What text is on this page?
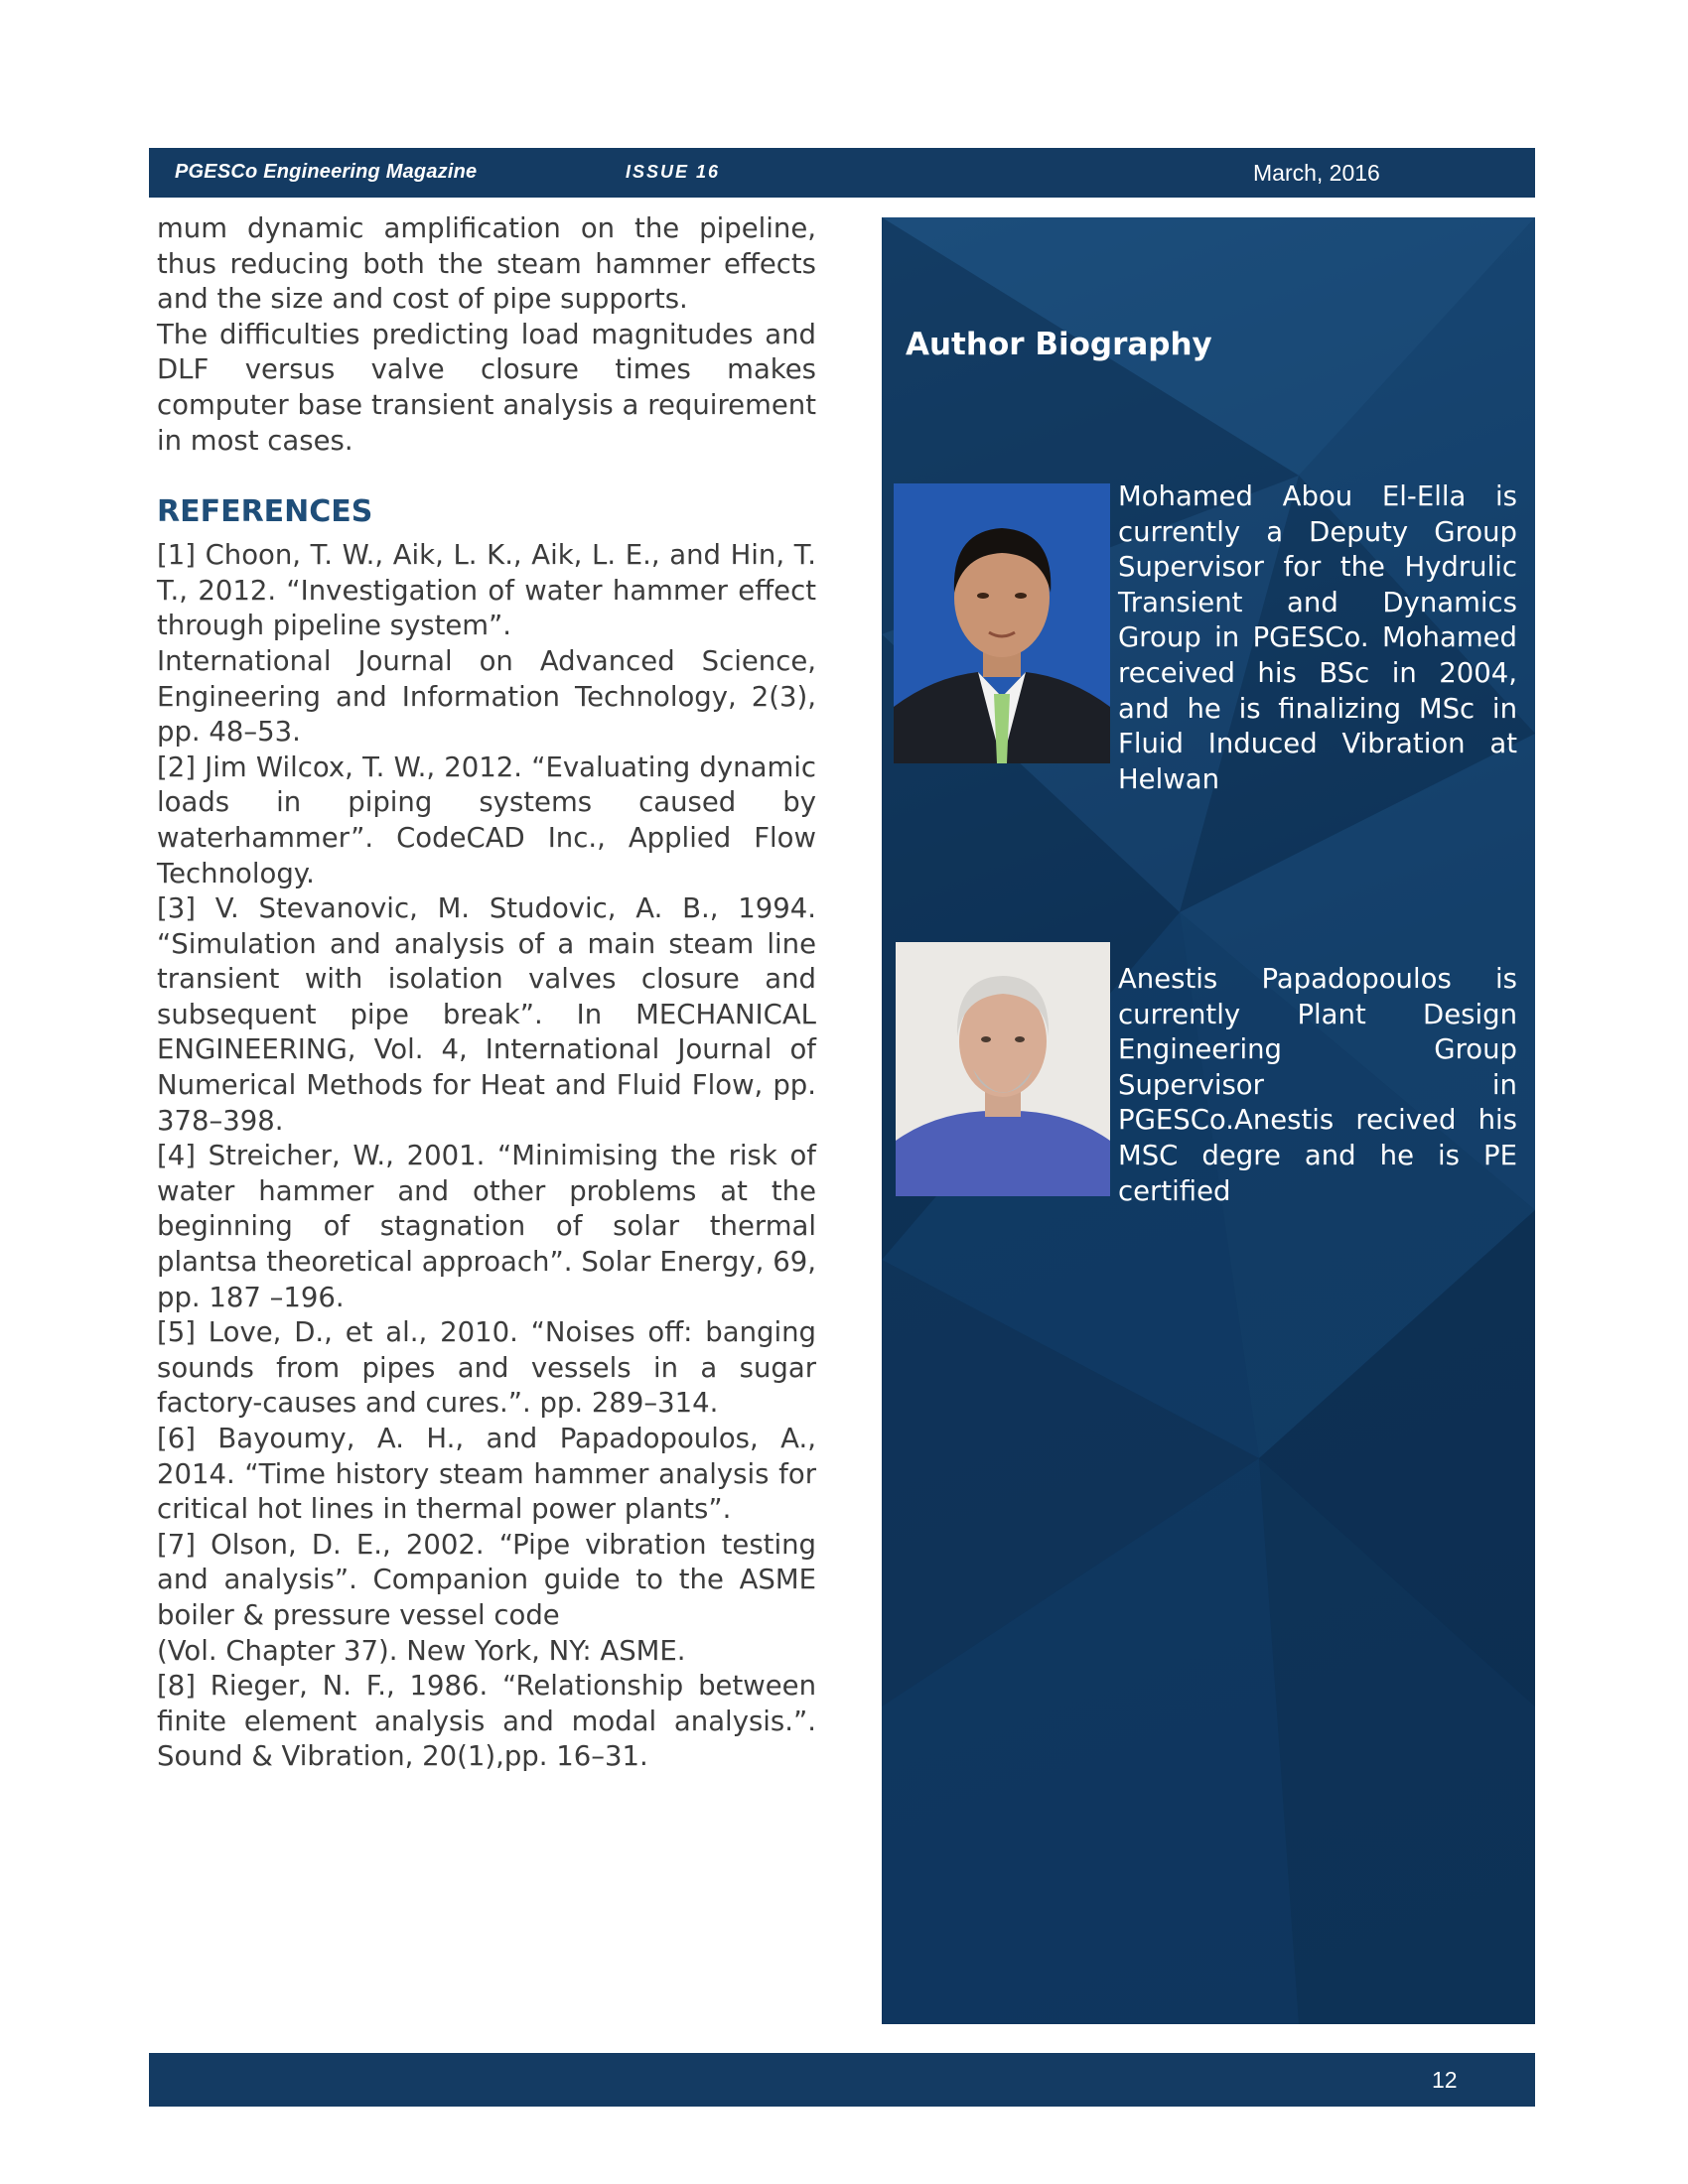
PGESCo Engineering Magazine	ISSUE 16	March, 2016

mum dynamic amplification on the pipeline, thus reducing both the steam hammer effects and the size and cost of pipe supports.

The difficulties predicting load magnitudes and DLF versus valve closure times makes computer base transient analysis a requirement in most cases.

REFERENCES

[1] Choon, T. W., Aik, L. K., Aik, L. E., and Hin, T. T., 2012. “Investigation of water hammer effect through pipeline system”.

International Journal on Advanced Science, Engineering and Information Technology, 2(3), pp. 48–53.

[2] Jim Wilcox, T. W., 2012. “Evaluating dynamic loads in piping systems caused by waterhammer”. CodeCAD Inc., Applied Flow Technology.

[3] V. Stevanovic, M. Studovic, A. B., 1994. “Simulation and analysis of a main steam line transient with isolation valves closure and subsequent pipe break”. In MECHANICAL ENGINEERING, Vol. 4, International Journal of Numerical Methods for Heat and Fluid Flow, pp. 378–398.

[4] Streicher, W., 2001. “Minimising the risk of water hammer and other problems at the beginning of stagnation of solar thermal plantsa theoretical approach”. Solar Energy, 69, pp. 187 –196.

[5] Love, D., et al., 2010. “Noises off: banging sounds from pipes and vessels in a sugar factory-causes and cures.”. pp. 289–314.

[6] Bayoumy, A. H., and Papadopoulos, A., 2014. “Time history steam hammer analysis for critical hot lines in thermal power plants”.

[7] Olson, D. E., 2002. “Pipe vibration testing and analysis”. Companion guide to the ASME boiler & pressure vessel code

(Vol. Chapter 37). New York, NY: ASME.

[8] Rieger, N. F., 1986. “Relationship between finite element analysis and modal analysis.”. Sound & Vibration, 20(1),pp. 16–31.

Author Biography
Mohamed Abou El-Ella is currently a Deputy Group Supervisor for the Hydrulic Transient and Dynamics Group in PGESCo. Mohamed received his BSc in 2004, and he is finalizing MSc in Fluid Induced Vibration at Helwan
Anestis Papadopoulos is currently Plant Design Engineering Group Supervisor in PGESCo.Anestis recived his MSC degre and he is PE certified
12
